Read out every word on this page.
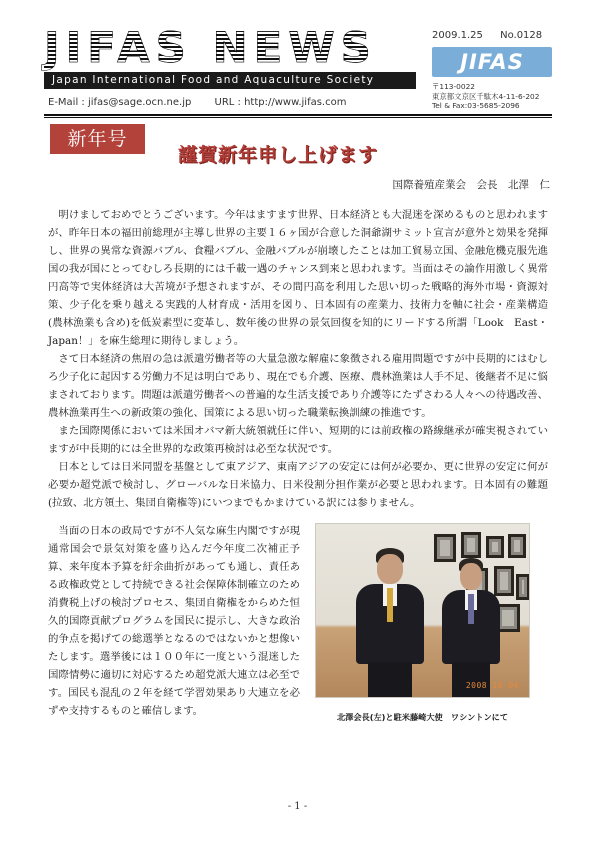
JIFAS NEWS
Japan International Food and Aquaculture Society
E-Mail : jifas@sage.ocn.ne.jp URL : http://www.jifas.com
2009.1.25 No.0128
JIFAS
〒113-0022
東京都文京区千駄木4-11-6-202
Tel & Fax:03-5685-2096
新年号
謹賀新年申し上げます
国際養殖産業会　会長　北澤　仁

明けましておめでとうございます。今年はますます世界、日本経済とも大混迷を深めるものと思われますが、昨年日本の福田前総理が主導し世界の主要１６ヶ国が合意した洞爺湖サミット宣言が意外と効果を発揮し、世界の異常な資源バブル、食糧バブル、金融バブルが崩壊したことは加工貿易立国、金融危機克服先進国の我が国にとってむしろ長期的には千載一遇のチャンス到来と思われます。当面はその論作用激しく異常円高等で実体経済は大苦境が予想されますが、その間円高を利用した思い切った戦略的海外市場・資源対策、少子化を乗り越える実践的人材育成・活用を図り、日本固有の産業力、技術力を軸に社会・産業構造(農林漁業も含め)を低炭素型に変革し、数年後の世界の景気回復を知的にリードする所謂「Look　East・Japan！」を麻生総理に期待しましょう。

さて日本経済の焦眉の急は派遣労働者等の大量急激な解雇に象徴される雇用問題ですが中長期的にはむしろ少子化に起因する労働力不足は明白であり、現在でも介護、医療、農林漁業は人手不足、後継者不足に悩まされております。問題は派遣労働者への普遍的な生活支援であり介護等にたずさわる人々への待遇改善、農林漁業再生への新政策の強化、国策による思い切った職業転換訓練の推進です。

また国際関係においては米国オバマ新大統領就任に伴い、短期的には前政権の路線継承が確実視されていますが中長期的には全世界的な政策再検討は必至な状況です。

日本としては日米同盟を基盤として東アジア、東南アジアの安定には何が必要か、更に世界の安定に何が必要か超党派で検討し、グローバルな日米協力、日米役割分担作業が必要と思われます。日本固有の難題(拉致、北方領土、集団自衛権等)にいつまでもかまけている訳には参りません。

当面の日本の政局ですが不人気な麻生内閣ですが現通常国会で景気対策を盛り込んだ今年度二次補正予算、来年度本予算を紆余曲折があっても通し、責任ある政権政党として持続できる社会保障体制確立のため消費税上げの検討プロセス、集団自衛権をからめた恒久的国際貢献プログラムを国民に提示し、大きな政治的争点を掲げての総選挙となるのではないかと想像いたします。選挙後には１００年に一度という混迷した国際情勢に適切に対応するため超党派大連立は必至です。国民も混乱の２年を経て学習効果あり大連立を必ずや支持するものと確信します。

2008 10 04
北澤会長(左)と駐米藤崎大使　ワシントンにて
- 1 -
